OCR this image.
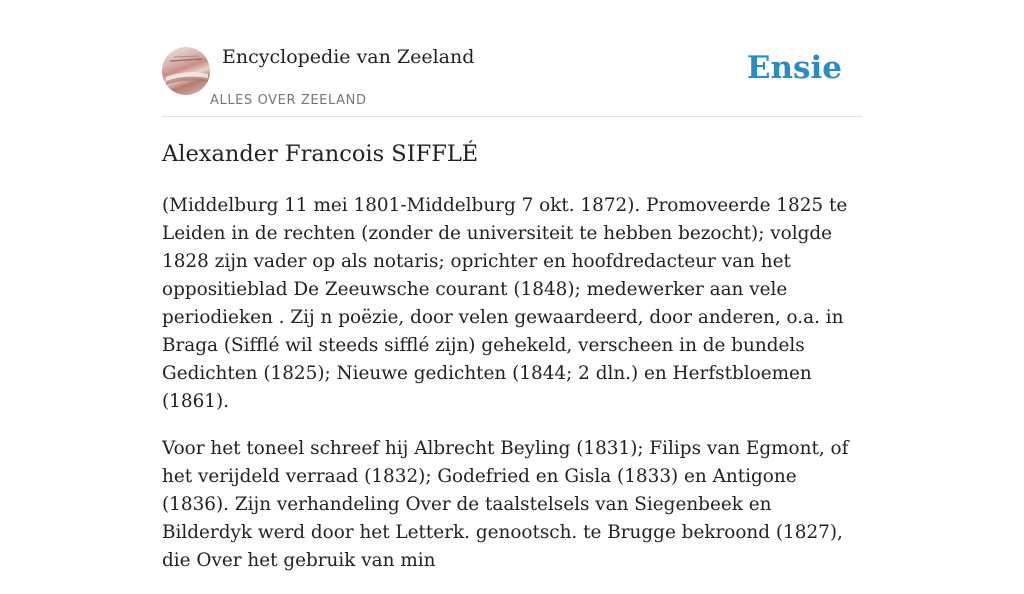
Encyclopedie van Zeeland
ALLES OVER ZEELAND
Ensie
Alexander Francois SIFFLÉ

(Middelburg 11 mei 1801-Middelburg 7 okt. 1872). Promoveerde 1825 te Leiden in de rechten (zonder de universiteit te hebben bezocht); volgde 1828 zijn vader op als notaris; oprichter en hoofdredacteur van het oppositieblad De Zeeuwsche courant (1848); medewerker aan vele periodieken . Zij n poëzie, door velen gewaardeerd, door anderen, o.a. in Braga (Sifflé wil steeds sifflé zijn) gehekeld, verscheen in de bundels Gedichten (1825); Nieuwe gedichten (1844; 2 dln.) en Herfstbloemen (1861).

Voor het toneel schreef hij Albrecht Beyling (1831); Filips van Egmont, of het verijdeld verraad (1832); Godefried en Gisla (1833) en Antigone (1836). Zijn verhandeling Over de taalstelsels van Siegenbeek en Bilderdyk werd door het Letterk. genootsch. te Brugge bekroond (1827), die Over het gebruik van min
